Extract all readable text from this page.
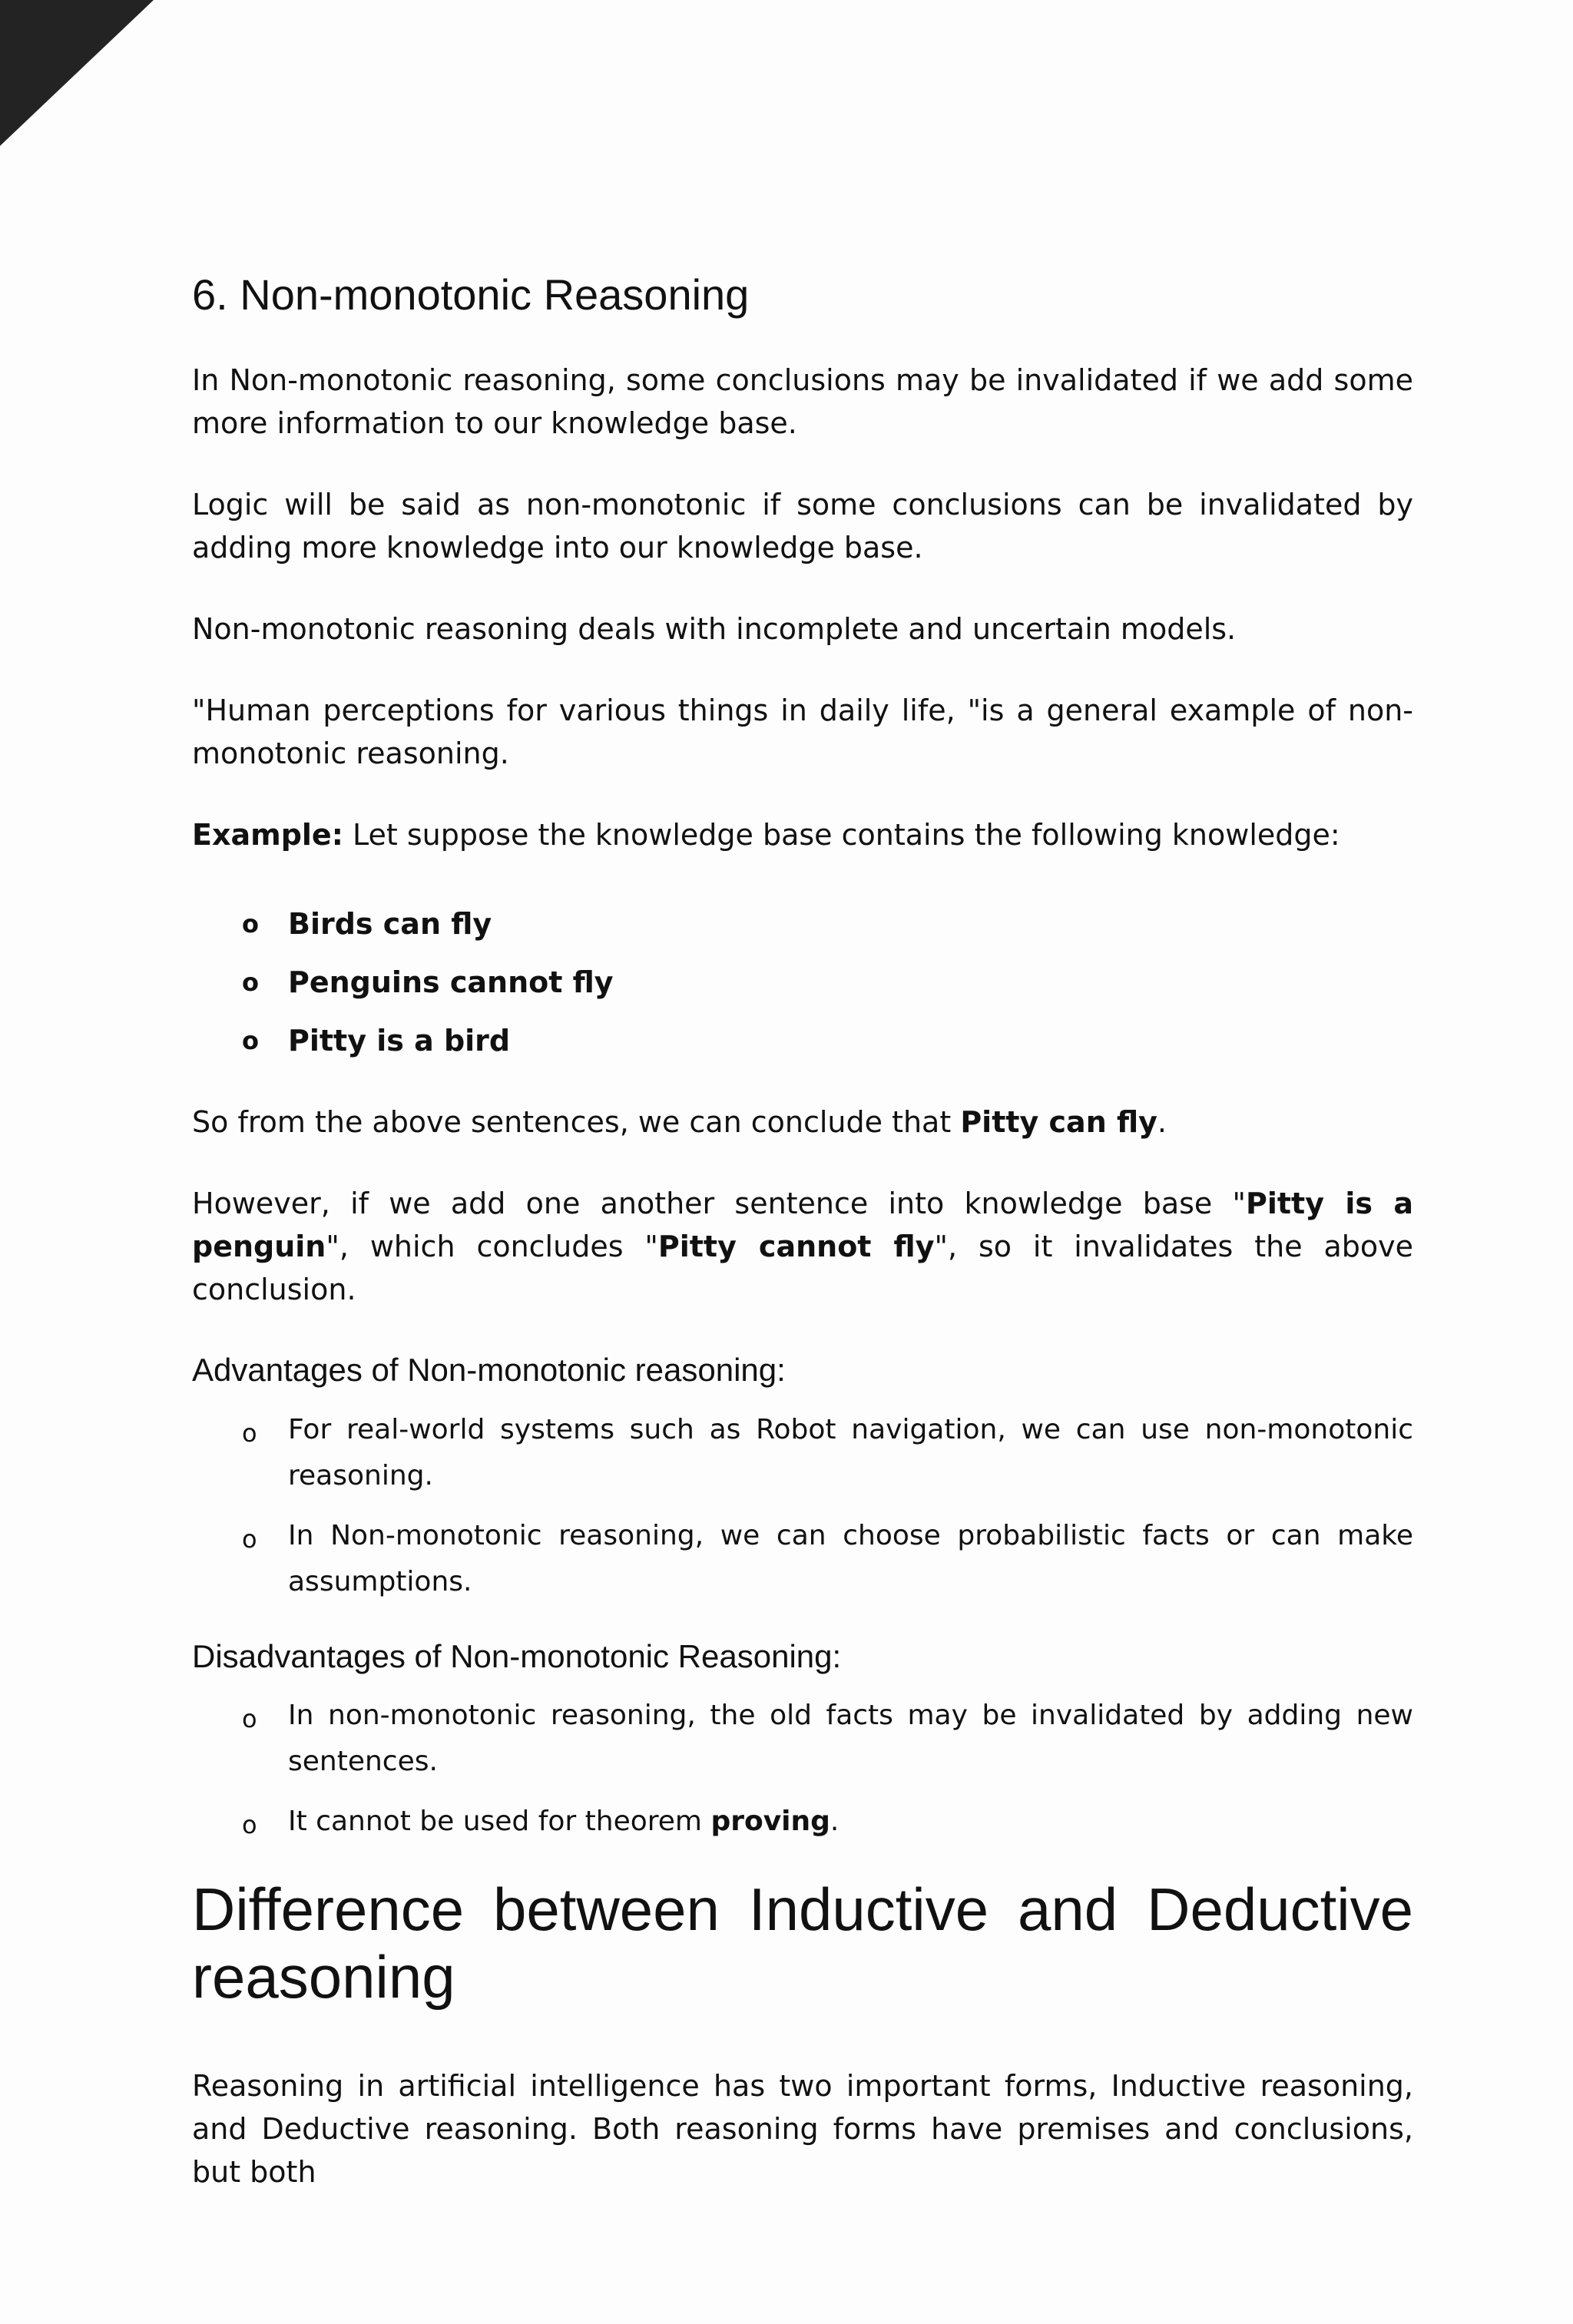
6. Non-monotonic Reasoning

In Non-monotonic reasoning, some conclusions may be invalidated if we add some more information to our knowledge base.

Logic will be said as non-monotonic if some conclusions can be invalidated by adding more knowledge into our knowledge base.

Non-monotonic reasoning deals with incomplete and uncertain models.

"Human perceptions for various things in daily life, "is a general example of non-monotonic reasoning.

Example: Let suppose the knowledge base contains the following knowledge:

o Birds can fly
o Penguins cannot fly
o Pitty is a bird

So from the above sentences, we can conclude that Pitty can fly.

However, if we add one another sentence into knowledge base "Pitty is a penguin", which concludes "Pitty cannot fly", so it invalidates the above conclusion.

Advantages of Non-monotonic reasoning:
o For real-world systems such as Robot navigation, we can use non-monotonic reasoning.
o In Non-monotonic reasoning, we can choose probabilistic facts or can make assumptions.
Disadvantages of Non-monotonic Reasoning:
o In non-monotonic reasoning, the old facts may be invalidated by adding new sentences.
o It cannot be used for theorem proving.
Difference between Inductive and Deductive reasoning

Reasoning in artificial intelligence has two important forms, Inductive reasoning, and Deductive reasoning. Both reasoning forms have premises and conclusions, but both
